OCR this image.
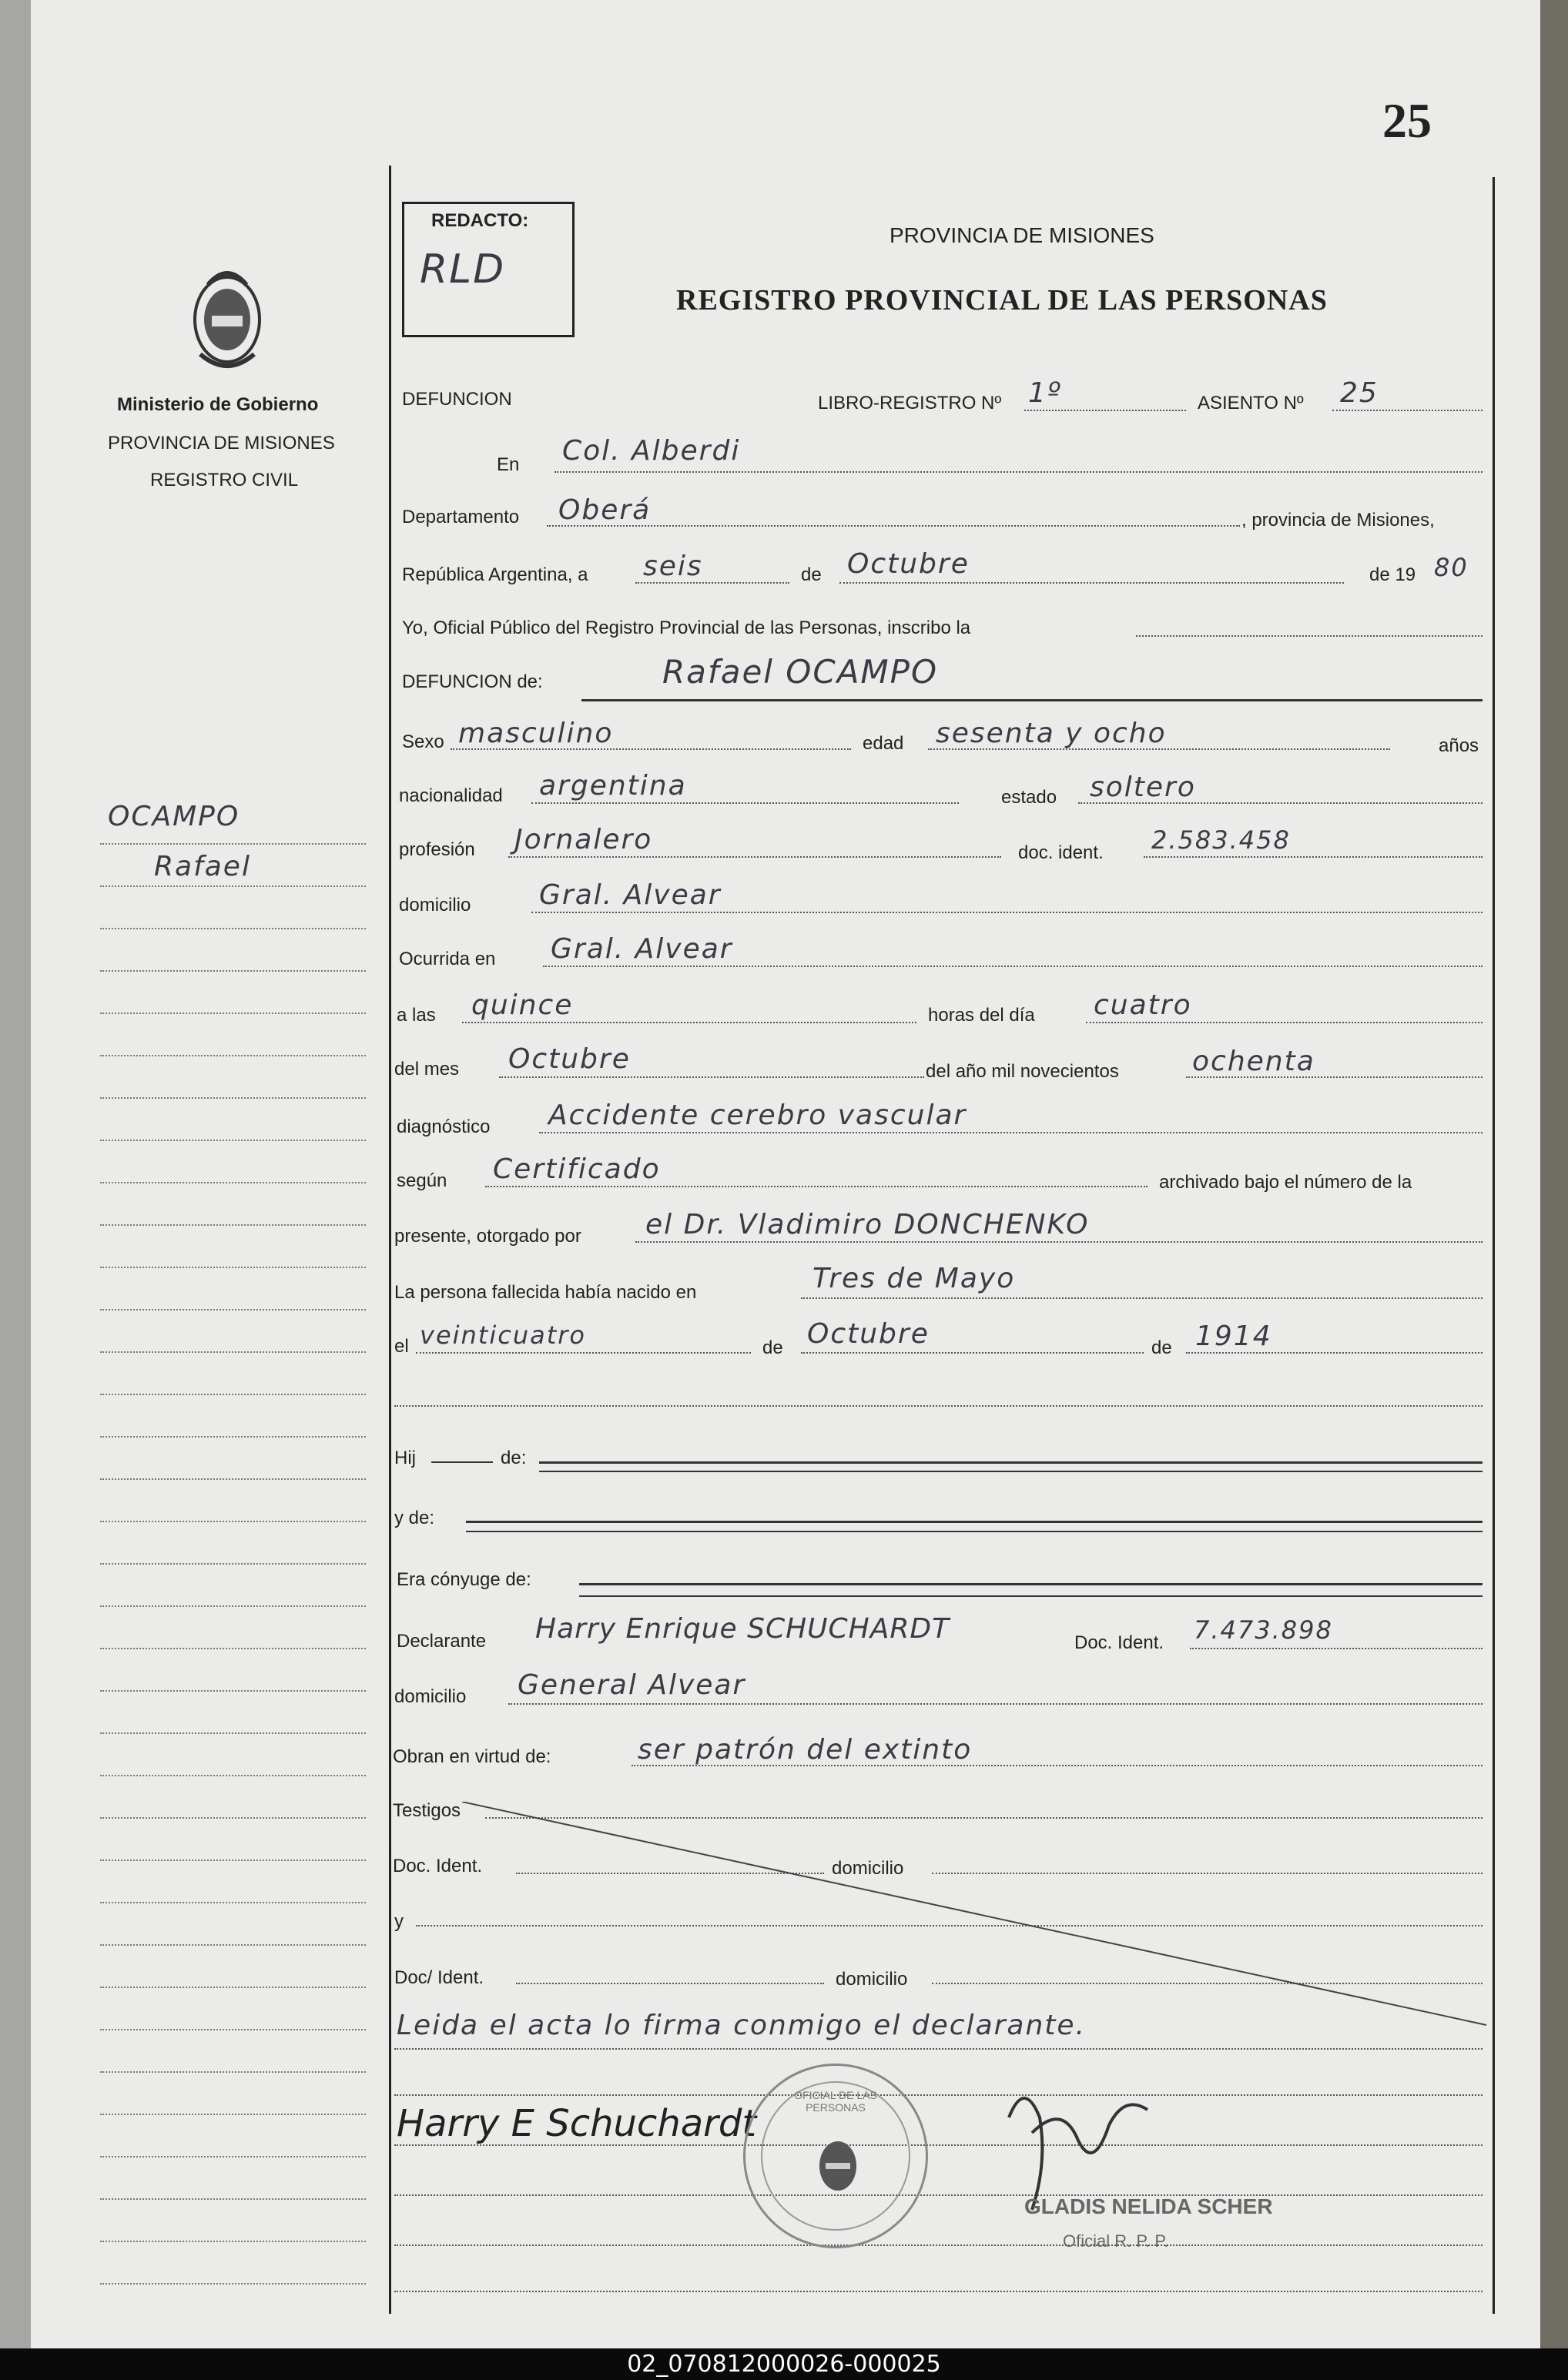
25
Ministerio de Gobierno
PROVINCIA DE MISIONES
REGISTRO CIVIL
OCAMPO
Rafael
REDACTO:
RLD
PROVINCIA DE MISIONES
REGISTRO PROVINCIAL DE LAS PERSONAS
DEFUNCION	LIBRO-REGISTRO Nº 1º	ASIENTO Nº 25
En Col. Alberdi
Departamento Oberá	, provincia de Misiones,
República Argentina, a seis	de Octubre	de 19 80
Yo, Oficial Público del Registro Provincial de las Personas, inscribo la
DEFUNCION de:	Rafael OCAMPO
Sexo masculino	edad sesenta y ocho	años
nacionalidad argentina	estado soltero
profesión Jornalero	doc. ident. 2.583.458
domicilio Gral. Alvear
Ocurrida en Gral. Alvear
a las quince	horas del día cuatro
del mes Octubre	del año mil novecientos	ochenta
diagnóstico Accidente cerebro vascular
según Certificado	archivado bajo el número de la
presente, otorgado por el Dr. Vladimiro DONCHENKO
La persona fallecida había nacido en	Tres de Mayo
el veinticuatro	de Octubre	de 1914
Hij	de:
y de:
Era cónyuge de:
Declarante Harry Enrique SCHUCHARDT	Doc. Ident. 7.473.898
domicilio General Alvear
Obran en virtud de:	ser patrón del extinto
Testigos
Doc. Ident.	domicilio
y
Doc/ Ident.	domicilio
Leida el acta lo firma conmigo el declarante.
Harry E Schuchardt
OFICIAL DE LAS PERSONAS
GLADIS NELIDA SCHER
Oficial R. P. P.
02_070812000026-000025
